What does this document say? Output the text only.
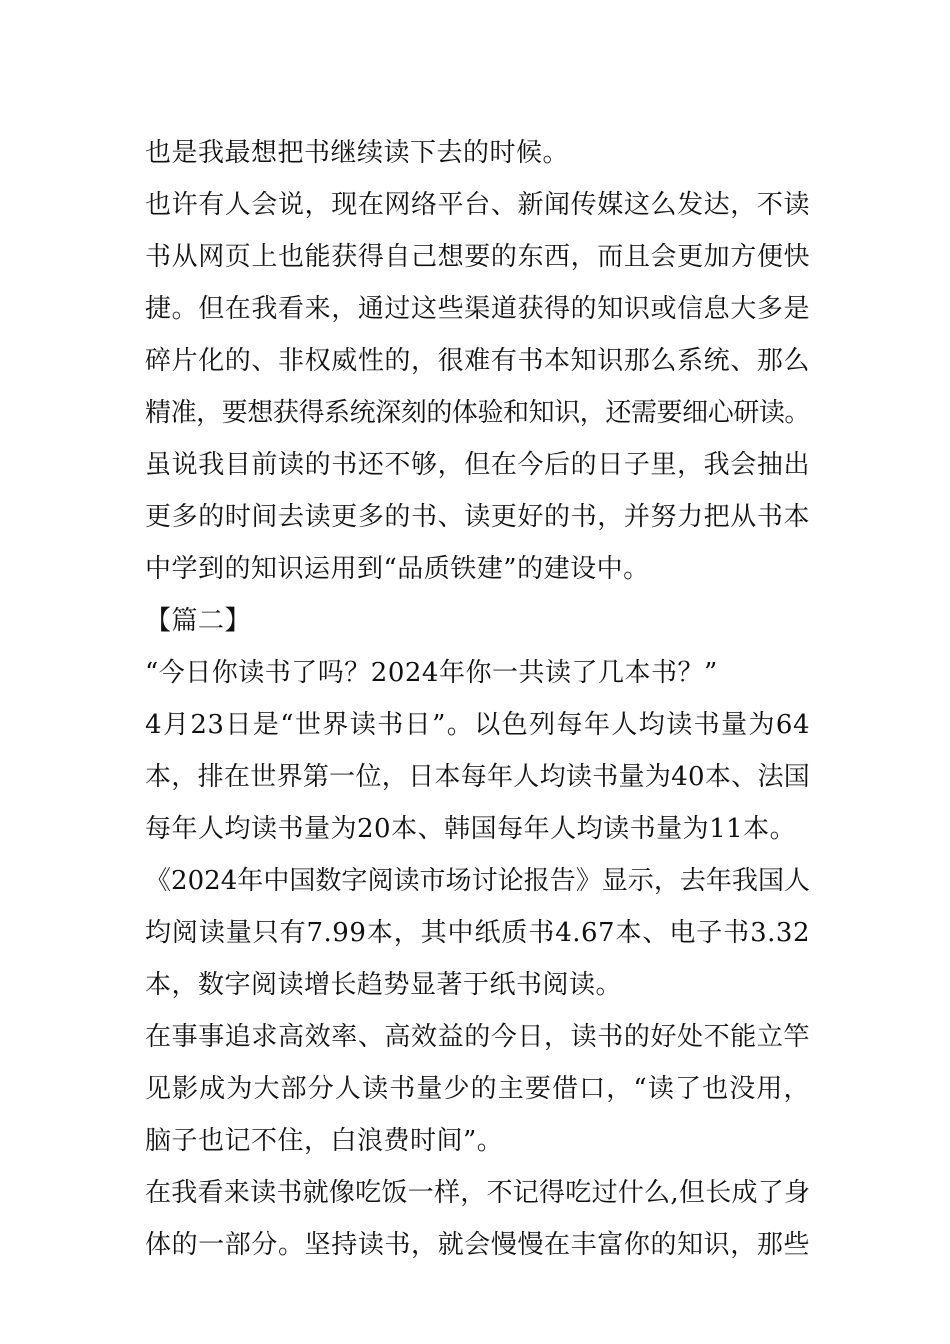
也是我最想把书继续读下去的时候。
也许有人会说，现在网络平台、新闻传媒这么发达，不读
书从网页上也能获得自己想要的东西，而且会更加方便快
捷。但在我看来，通过这些渠道获得的知识或信息大多是
碎片化的、非权威性的，很难有书本知识那么系统、那么
精准，要想获得系统深刻的体验和知识，还需要细心研读。
虽说我目前读的书还不够，但在今后的日子里，我会抽出
更多的时间去读更多的书、读更好的书，并努力把从书本
中学到的知识运用到“品质铁建”的建设中。
【篇二】
“今日你读书了吗？2024年你一共读了几本书？”
4月23日是“世界读书日”。以色列每年人均读书量为64
本，排在世界第一位，日本每年人均读书量为40本、法国
每年人均读书量为20本、韩国每年人均读书量为11本。
《2024年中国数字阅读市场讨论报告》显示，去年我国人
均阅读量只有7.99本，其中纸质书4.67本、电子书3.32
本，数字阅读增长趋势显著于纸书阅读。
在事事追求高效率、高效益的今日，读书的好处不能立竿
见影成为大部分人读书量少的主要借口，“读了也没用，
脑子也记不住，白浪费时间”。
在我看来读书就像吃饭一样，不记得吃过什么,但长成了身
体的一部分。坚持读书，就会慢慢在丰富你的知识，那些
